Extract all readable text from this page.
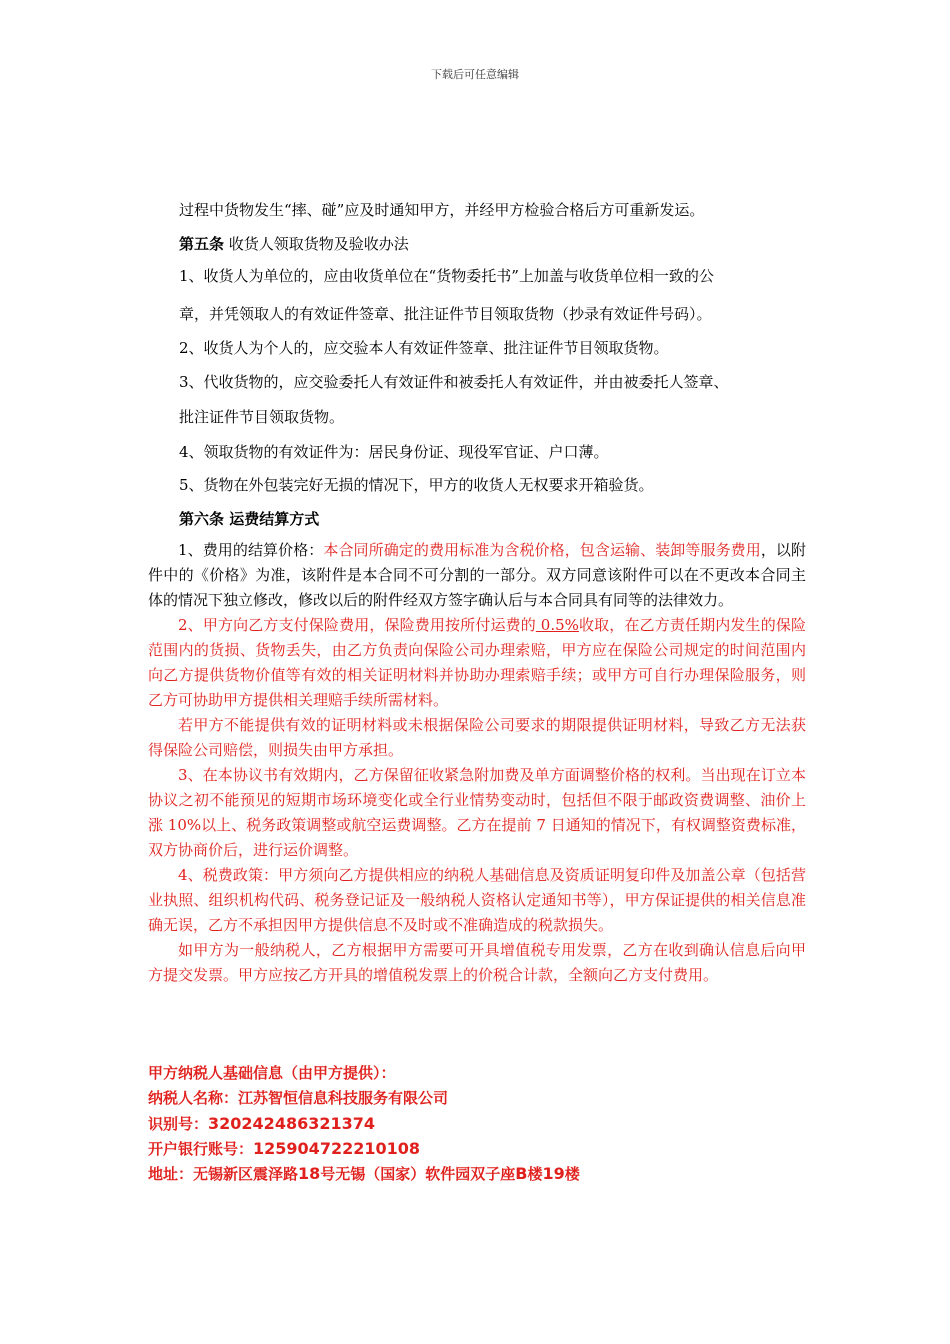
下载后可任意编辑
过程中货物发生“摔、碰”应及时通知甲方，并经甲方检验合格后方可重新发运。
第五条 收货人领取货物及验收办法
1、收货人为单位的，应由收货单位在“货物委托书”上加盖与收货单位相一致的公
章，并凭领取人的有效证件签章、批注证件节目领取货物（抄录有效证件号码）。
2、收货人为个人的，应交验本人有效证件签章、批注证件节目领取货物。
3、代收货物的，应交验委托人有效证件和被委托人有效证件，并由被委托人签章、
批注证件节目领取货物。
4、领取货物的有效证件为：居民身份证、现役军官证、户口薄。
5、货物在外包装完好无损的情况下，甲方的收货人无权要求开箱验货。
第六条 运费结算方式

1、费用的结算价格：本合同所确定的费用标准为含税价格，包含运输、装卸等服务费用，以附件中的《价格》为准，该附件是本合同不可分割的一部分。双方同意该附件可以在不更改本合同主体的情况下独立修改，修改以后的附件经双方签字确认后与本合同具有同等的法律效力。

2、甲方向乙方支付保险费用，保险费用按所付运费的 0.5%收取，在乙方责任期内发生的保险范围内的货损、货物丢失，由乙方负责向保险公司办理索赔，甲方应在保险公司规定的时间范围内向乙方提供货物价值等有效的相关证明材料并协助办理索赔手续；或甲方可自行办理保险服务，则乙方可协助甲方提供相关理赔手续所需材料。

若甲方不能提供有效的证明材料或未根据保险公司要求的期限提供证明材料，导致乙方无法获得保险公司赔偿，则损失由甲方承担。

3、在本协议书有效期内，乙方保留征收紧急附加费及单方面调整价格的权利。当出现在订立本协议之初不能预见的短期市场环境变化或全行业情势变动时，包括但不限于邮政资费调整、油价上涨 10%以上、税务政策调整或航空运费调整。乙方在提前 7 日通知的情况下，有权调整资费标准，双方协商价后，进行运价调整。

4、税费政策：甲方须向乙方提供相应的纳税人基础信息及资质证明复印件及加盖公章（包括营业执照、组织机构代码、税务登记证及一般纳税人资格认定通知书等），甲方保证提供的相关信息准确无误，乙方不承担因甲方提供信息不及时或不准确造成的税款损失。

如甲方为一般纳税人，乙方根据甲方需要可开具增值税专用发票，乙方在收到确认信息后向甲方提交发票。甲方应按乙方开具的增值税发票上的价税合计款，全额向乙方支付费用。

甲方纳税人基础信息（由甲方提供）：
纳税人名称：江苏智恒信息科技服务有限公司
识别号：320242486321374
开户银行账号：125904722210108
地址：无锡新区震泽路18号无锡（国家）软件园双子座B楼19楼
